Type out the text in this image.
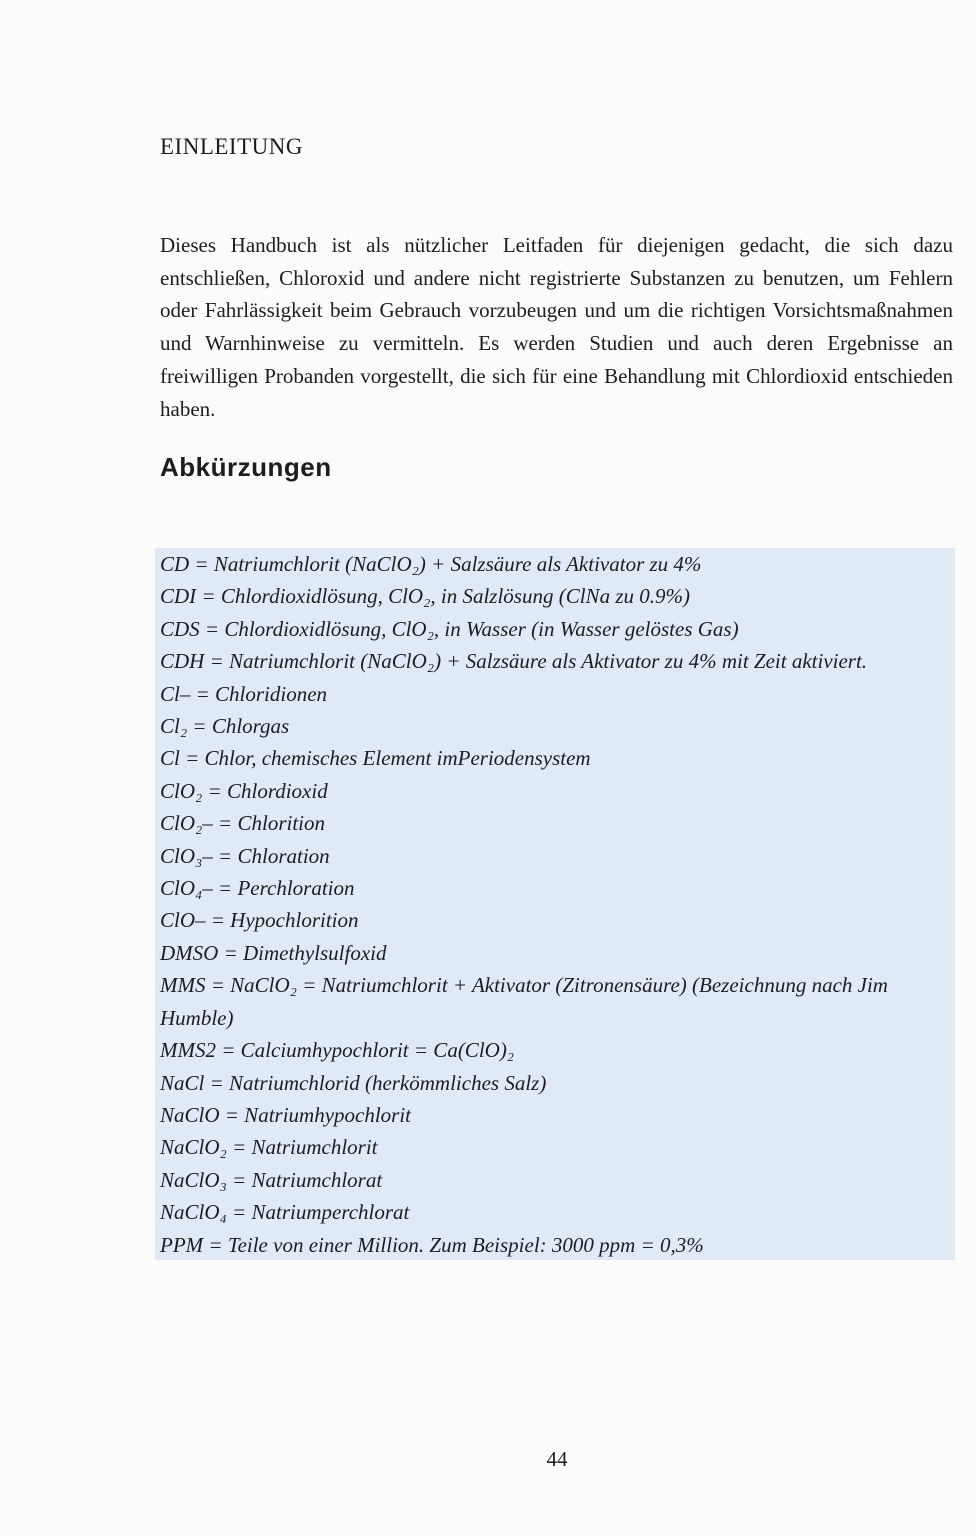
EINLEITUNG

Dieses Handbuch ist als nützlicher Leitfaden für diejenigen gedacht, die sich dazu entschließen, Chloroxid und andere nicht registrierte Substanzen zu benutzen, um Fehlern oder Fahrlässigkeit beim Gebrauch vorzubeugen und um die richtigen Vorsichtsmaßnahmen und Warnhinweise zu vermitteln. Es werden Studien und auch deren Ergebnisse an freiwilligen Probanden vorgestellt, die sich für eine Behandlung mit Chlordioxid entschieden haben.

Abkürzungen
CD = Natriumchlorit (NaClO₂) + Salzsäure als Aktivator zu 4%
CDI = Chlordioxidlösung, ClO₂, in Salzlösung (ClNa zu 0.9%)
CDS = Chlordioxidlösung, ClO₂, in Wasser (in Wasser gelöstes Gas)
CDH = Natriumchlorit (NaClO₂) + Salzsäure als Aktivator zu 4% mit Zeit aktiviert.
Cl– = Chloridionen
Cl₂ = Chlorgas
Cl = Chlor, chemisches Element imPeriodensystem
ClO₂ = Chlordioxid
ClO₂– = Chlorition
ClO₃– = Chloration
ClO₄– = Perchloration
ClO– = Hypochlorition
DMSO = Dimethylsulfoxid
MMS = NaClO₂ = Natriumchlorit + Aktivator (Zitronensäure) (Bezeichnung nach Jim Humble)
MMS2 = Calciumhypochlorit = Ca(ClO)₂
NaCl = Natriumchlorid (herkömmliches Salz)
NaClO = Natriumhypochlorit
NaClO₂ = Natriumchlorit
NaClO₃ = Natriumchlorat
NaClO₄ = Natriumperchlorat
PPM = Teile von einer Million. Zum Beispiel: 3000 ppm = 0,3%
44
